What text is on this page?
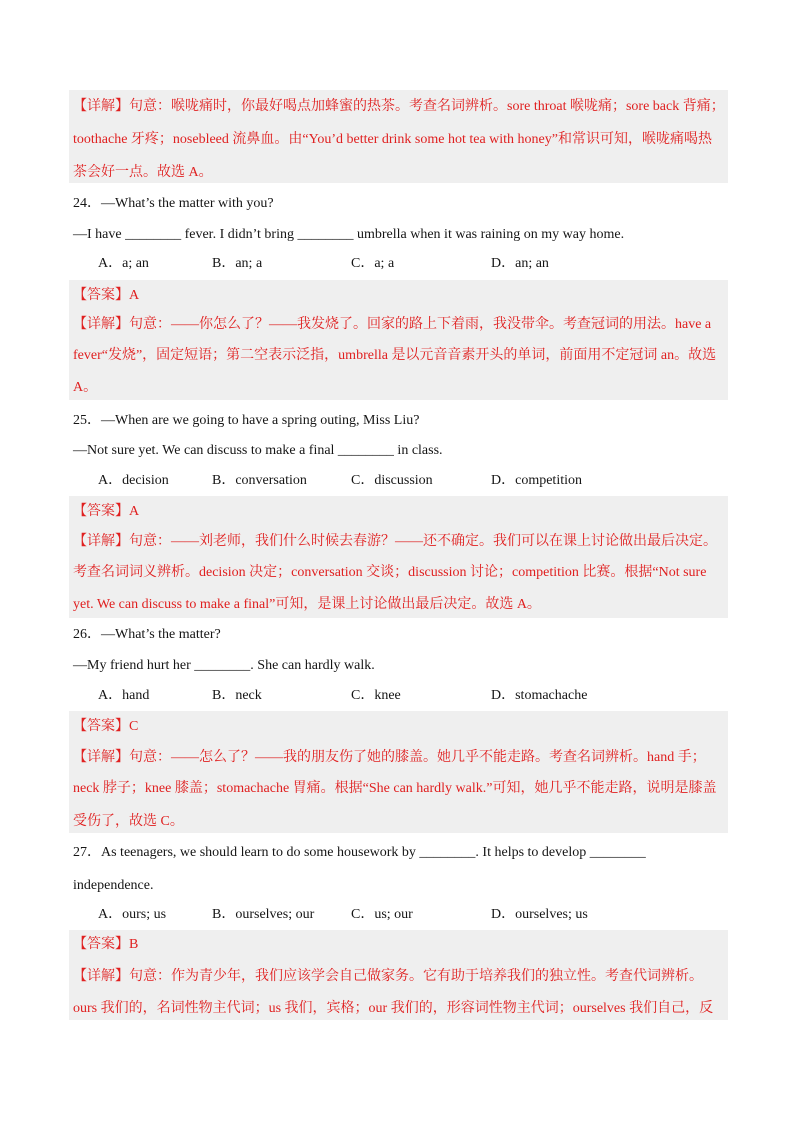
【详解】句意：喉咙痛时，你最好喝点加蜂蜜的热茶。考查名词辨析。sore throat 喉咙痛；sore back 背痛；
toothache 牙疼；nosebleed 流鼻血。由“You’d better drink some hot tea with honey”和常识可知，喉咙痛喝热
茶会好一点。故选 A。
24．—What’s the matter with you?
—I have ________ fever. I didn’t bring ________ umbrella when it was raining on my way home.
A．a; an	B．an; a	C．a; a	D．an; an
【答案】A
【详解】句意：——你怎么了？——我发烧了。回家的路上下着雨，我没带伞。考查冠词的用法。have a
fever“发烧”，固定短语；第二空表示泛指，umbrella 是以元音音素开头的单词，前面用不定冠词 an。故选
A。
25．—When are we going to have a spring outing, Miss Liu?
—Not sure yet. We can discuss to make a final ________ in class.
A．decision	B．conversation	C．discussion	D．competition
【答案】A
【详解】句意：——刘老师，我们什么时候去春游？——还不确定。我们可以在课上讨论做出最后决定。
考查名词词义辨析。decision 决定；conversation 交谈；discussion 讨论；competition 比赛。根据“Not sure
yet. We can discuss to make a final”可知，是课上讨论做出最后决定。故选 A。
26．—What’s the matter?
—My friend hurt her ________. She can hardly walk.
A．hand	B．neck	C．knee	D．stomachache
【答案】C
【详解】句意：——怎么了？——我的朋友伤了她的膝盖。她几乎不能走路。考查名词辨析。hand 手；
neck 脖子；knee 膝盖；stomachache 胃痛。根据“She can hardly walk.”可知，她几乎不能走路，说明是膝盖
受伤了，故选 C。
27．As teenagers, we should learn to do some housework by ________. It helps to develop ________
independence.
A．ours; us	B．ourselves; our	C．us; our	D．ourselves; us
【答案】B
【详解】句意：作为青少年，我们应该学会自己做家务。它有助于培养我们的独立性。考查代词辨析。
ours 我们的，名词性物主代词；us 我们，宾格；our 我们的，形容词性物主代词；ourselves 我们自己，反
